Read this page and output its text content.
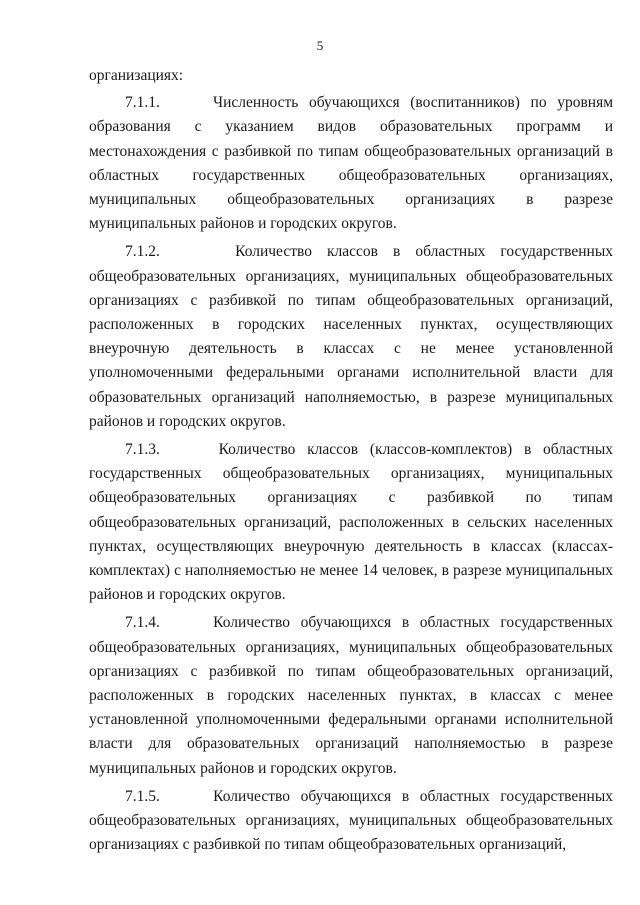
5

организациях:

7.1.1.	Численность обучающихся (воспитанников) по уровням образования с указанием видов образовательных программ и местонахождения с разбивкой по типам общеобразовательных организаций в областных государственных общеобразовательных организациях, муниципальных общеобразовательных организациях в разрезе муниципальных районов и городских округов.

7.1.2.	Количество классов в областных государственных общеобразовательных организациях, муниципальных общеобразовательных организациях с разбивкой по типам общеобразовательных организаций, расположенных в городских населенных пунктах, осуществляющих внеурочную деятельность в классах с не менее установленной уполномоченными федеральными органами исполнительной власти для образовательных организаций наполняемостью, в разрезе муниципальных районов и городских округов.

7.1.3.	Количество классов (классов-комплектов) в областных государственных общеобразовательных организациях, муниципальных общеобразовательных организациях с разбивкой по типам общеобразовательных организаций, расположенных в сельских населенных пунктах, осуществляющих внеурочную деятельность в классах (классах-комплектах) с наполняемостью не менее 14 человек, в разрезе муниципальных районов и городских округов.

7.1.4.	Количество обучающихся в областных государственных общеобразовательных организациях, муниципальных общеобразовательных организациях с разбивкой по типам общеобразовательных организаций, расположенных в городских населенных пунктах, в классах с менее установленной уполномоченными федеральными органами исполнительной власти для образовательных организаций наполняемостью в разрезе муниципальных районов и городских округов.

7.1.5.	Количество обучающихся в областных государственных общеобразовательных организациях, муниципальных общеобразовательных организациях с разбивкой по типам общеобразовательных организаций,
